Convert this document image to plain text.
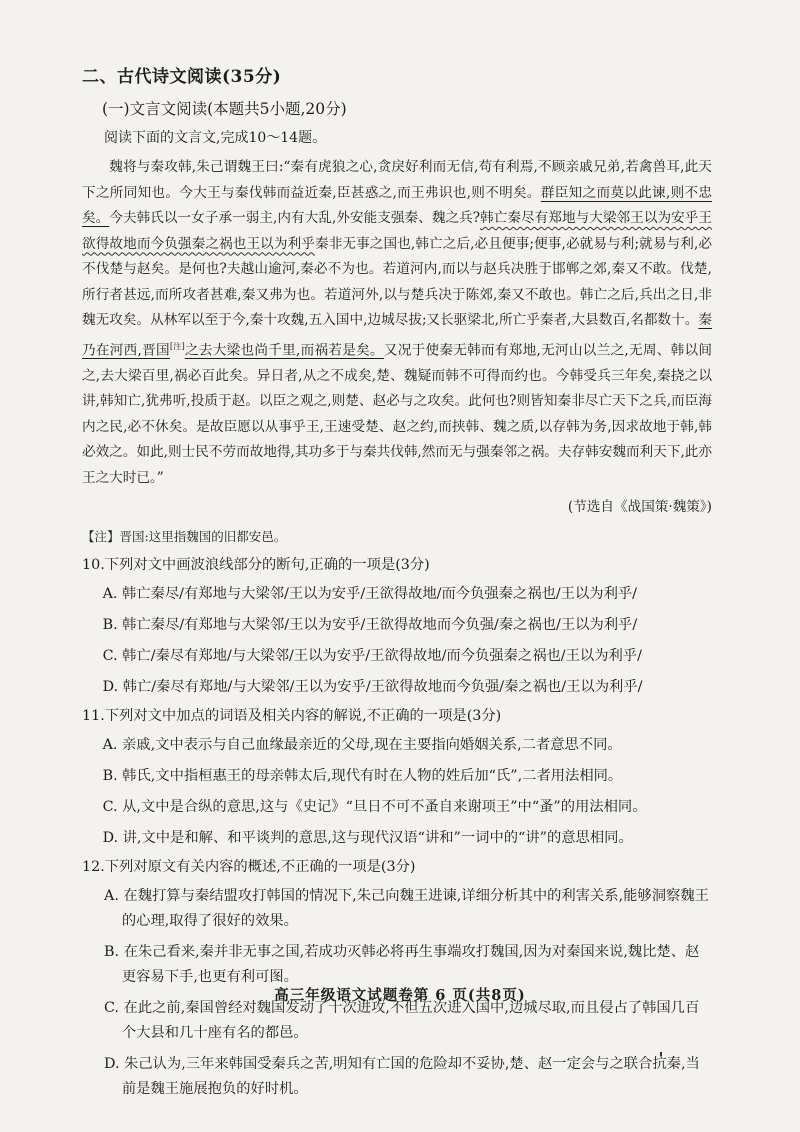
二、古代诗文阅读(35分)
(一)文言文阅读(本题共5小题,20分)
阅读下面的文言文,完成10～14题。

魏将与秦攻韩,朱己谓魏王曰:“秦有虎狼之心,贪戾好利而无信,苟有利焉,不顾亲戚兄弟,若禽兽耳,此天下之所同知也。今大王与秦伐韩而益近秦,臣甚惑之,而王弗识也,则不明矣。群臣知之而莫以此谏,则不忠矣。今夫韩氏以一女子承一弱主,内有大乱,外安能支强秦、魏之兵?韩亡秦尽有郑地与大梁邻王以为安乎王欲得故地而今负强秦之祸也王以为利乎秦非无事之国也,韩亡之后,必且便事;便事,必就易与利;就易与利,必不伐楚与赵矣。是何也?夫越山逾河,秦必不为也。若道河内,而以与赵兵决胜于邯郸之郊,秦又不敢。伐楚,所行者甚远,而所攻者甚难,秦又弗为也。若道河外,以与楚兵决于陈郊,秦又不敢也。韩亡之后,兵出之日,非魏无攻矣。从林军以至于今,秦十攻魏,五入国中,边城尽拔;又长驱梁北,所亡乎秦者,大县数百,名都数十。秦乃在河西,晋国[注]之去大梁也尚千里,而祸若是矣。又况于使秦无韩而有郑地,无河山以兰之,无周、韩以间之,去大梁百里,祸必百此矣。异日者,从之不成矣,楚、魏疑而韩不可得而约也。今韩受兵三年矣,秦挠之以讲,韩知亡,犹弗听,投质于赵。以臣之观之,则楚、赵必与之攻矣。此何也?则皆知秦非尽亡天下之兵,而臣海内之民,必不休矣。是故臣愿以从事乎王,王速受楚、赵之约,而挟韩、魏之质,以存韩为务,因求故地于韩,韩必效之。如此,则士民不劳而故地得,其功多于与秦共伐韩,然而无与强秦邻之祸。夫存韩安魏而利天下,此亦王之大时已。”

(节选自《战国策·魏策》)
【注】晋国:这里指魏国的旧都安邑。
10.下列对文中画波浪线部分的断句,正确的一项是(3分)
A. 韩亡秦尽/有郑地与大梁邻/王以为安乎/王欲得故地/而今负强秦之祸也/王以为利乎/
B. 韩亡秦尽/有郑地与大梁邻/王以为安乎/王欲得故地而今负强/秦之祸也/王以为利乎/
C. 韩亡/秦尽有郑地/与大梁邻/王以为安乎/王欲得故地/而今负强秦之祸也/王以为利乎/
D. 韩亡/秦尽有郑地/与大梁邻/王以为安乎/王欲得故地而今负强/秦之祸也/王以为利乎/
11.下列对文中加点的词语及相关内容的解说,不正确的一项是(3分)
A. 亲戚,文中表示与自己血缘最亲近的父母,现在主要指向婚姻关系,二者意思不同。
B. 韩氏,文中指桓惠王的母亲韩太后,现代有时在人物的姓后加“氏”,二者用法相同。
C. 从,文中是合纵的意思,这与《史记》“旦日不可不蚤自来谢项王”中“蚤”的用法相同。
D. 讲,文中是和解、和平谈判的意思,这与现代汉语“讲和”一词中的“讲”的意思相同。
12.下列对原文有关内容的概述,不正确的一项是(3分)
A. 在魏打算与秦结盟攻打韩国的情况下,朱己向魏王进谏,详细分析其中的利害关系,能够洞察魏王的心理,取得了很好的效果。
B. 在朱己看来,秦并非无事之国,若成功灭韩必将再生事端攻打魏国,因为对秦国来说,魏比楚、赵更容易下手,也更有利可图。
C. 在此之前,秦国曾经对魏国发动了十次进攻,不但五次进入国中,边城尽取,而且侵占了韩国几百个大县和几十座有名的都邑。
D. 朱己认为,三年来韩国受秦兵之苦,明知有亡国的危险却不妥协,楚、赵一定会与之联合抗秦,当前是魏王施展抱负的好时机。
高三年级语文试题卷第 6 页(共8页)
